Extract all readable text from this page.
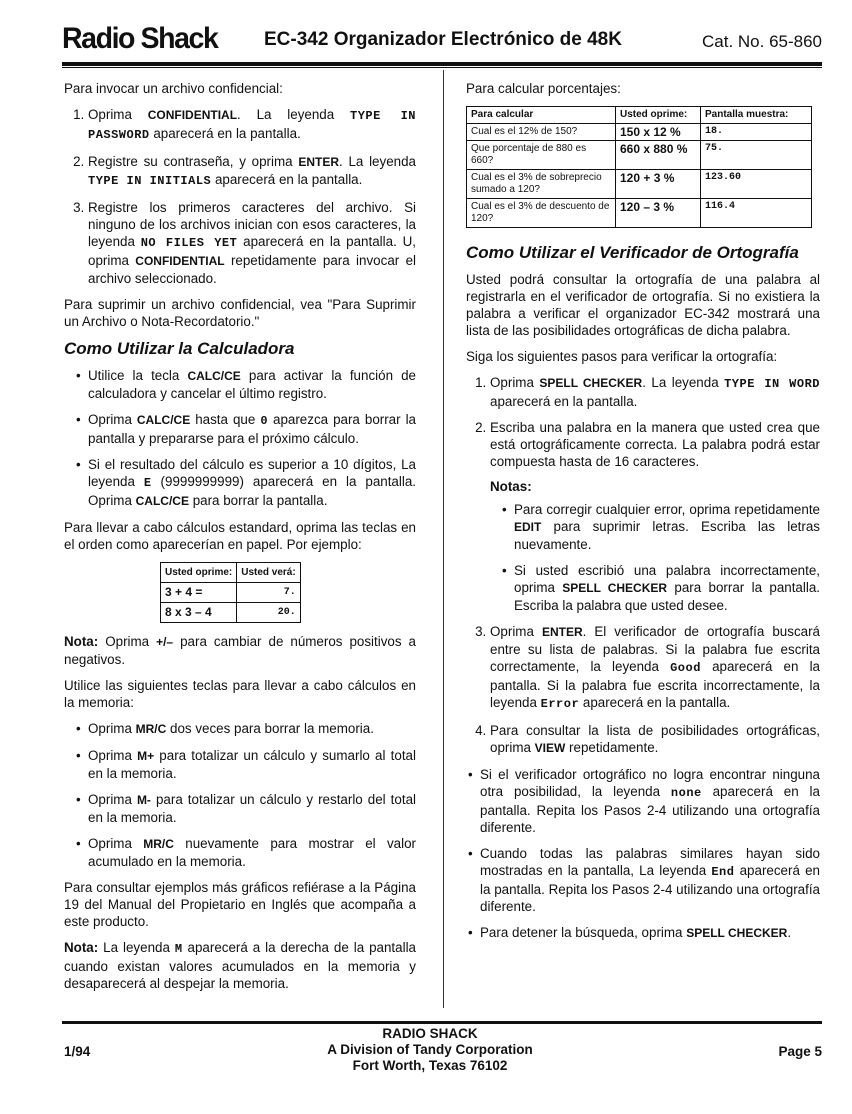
Radio Shack EC-342 Organizador Electrónico de 48K	Cat. No. 65-860

Para invocar un archivo confidencial:

1. Oprima CONFIDENTIAL. La leyenda TYPE IN PASSWORD aparecerá en la pantalla.
2. Registre su contraseña, y oprima ENTER. La leyenda TYPE IN INITIALS aparecerá en la pantalla.
3. Registre los primeros caracteres del archivo. Si ninguno de los archivos inician con esos caracteres, la leyenda NO FILES YET aparecerá en la pantalla. U, oprima CONFIDENTIAL repetidamente para invocar el archivo seleccionado.

Para suprimir un archivo confidencial, vea "Para Suprimir un Archivo o Nota-Recordatorio."

Como Utilizar la Calculadora
• Utilice la tecla CALC/CE para activar la función de calculadora y cancelar el último registro.
• Oprima CALC/CE hasta que 0 aparezca para borrar la pantalla y prepararse para el próximo cálculo.
• Si el resultado del cálculo es superior a 10 dígitos, La leyenda E (9999999999) aparecerá en la pantalla. Oprima CALC/CE para borrar la pantalla.

Para llevar a cabo cálculos estandard, oprima las teclas en el orden como aparecerían en papel. Por ejemplo:

Usted oprime:	Usted verá:
3 + 4 =	7.
8 x 3 – 4	20.

Nota: Oprima +/– para cambiar de números positivos a negativos.

Utilice las siguientes teclas para llevar a cabo cálculos en la memoria:

• Oprima MR/C dos veces para borrar la memoria.
• Oprima M+ para totalizar un cálculo y sumarlo al total en la memoria.
• Oprima M- para totalizar un cálculo y restarlo del total en la memoria.
• Oprima MR/C nuevamente para mostrar el valor acumulado en la memoria.

Para consultar ejemplos más gráficos refiérase a la Página 19 del Manual del Propietario en Inglés que acompaña a este producto.

Nota: La leyenda M aparecerá a la derecha de la pantalla cuando existan valores acumulados en la memoria y desaparecerá al despejar la memoria.

Para calcular porcentajes:

Para calcular	Usted oprime:	Pantalla muestra:
Cual es el 12% de 150?	150 x 12 %	18.
Que porcentaje de 880 es 660?	660 x 880 %	75.
Cual es el 3% de sobreprecio sumado a 120?	120 + 3 %	123.60
Cual es el 3% de descuento de 120?	120 – 3 %	116.4
Como Utilizar el Verificador de Ortografía

Usted podrá consultar la ortografía de una palabra al registrarla en el verificador de ortografía. Si no existiera la palabra a verificar el organizador EC-342 mostrará una lista de las posibilidades ortográficas de dicha palabra.

Siga los siguientes pasos para verificar la ortografía:

1. Oprima SPELL CHECKER. La leyenda TYPE IN WORD aparecerá en la pantalla.
2. Escriba una palabra en la manera que usted crea que está ortográficamente correcta. La palabra podrá estar compuesta hasta de 16 caracteres.
Notas:
• Para corregir cualquier error, oprima repetidamente EDIT para suprimir letras. Escriba las letras nuevamente.
• Si usted escribió una palabra incorrectamente, oprima SPELL CHECKER para borrar la pantalla. Escriba la palabra que usted desee.
3. Oprima ENTER. El verificador de ortografía buscará entre su lista de palabras. Si la palabra fue escrita correctamente, la leyenda Good aparecerá en la pantalla. Si la palabra fue escrita incorrectamente, la leyenda Error aparecerá en la pantalla.
4. Para consultar la lista de posibilidades ortográficas, oprima VIEW repetidamente.
• Si el verificador ortográfico no logra encontrar ninguna otra posibilidad, la leyenda none aparecerá en la pantalla. Repita los Pasos 2-4 utilizando una ortografía diferente.
• Cuando todas las palabras similares hayan sido mostradas en la pantalla, La leyenda End aparecerá en la pantalla. Repita los Pasos 2-4 utilizando una ortografía diferente.
• Para detener la búsqueda, oprima SPELL CHECKER.
RADIO SHACK
A Division of Tandy Corporation
Fort Worth, Texas 76102
1/94	Page 5
